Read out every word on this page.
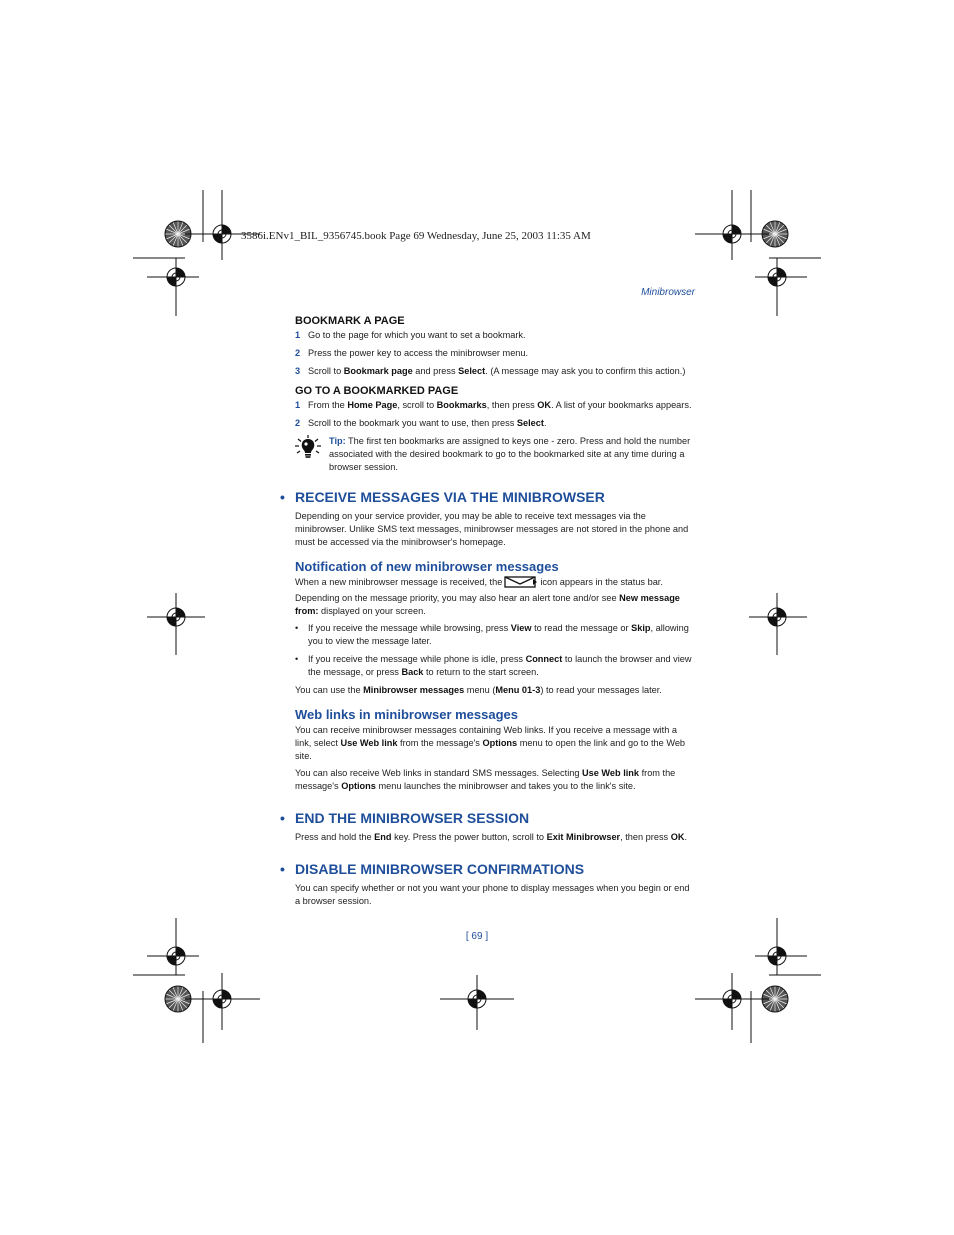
3586i.ENv1_BIL_9356745.book Page 69 Wednesday, June 25, 2003 11:35 AM
Minibrowser
BOOKMARK A PAGE
1 Go to the page for which you want to set a bookmark.
2 Press the power key to access the minibrowser menu.
3 Scroll to Bookmark page and press Select. (A message may ask you to confirm this action.)
GO TO A BOOKMARKED PAGE
1 From the Home Page, scroll to Bookmarks, then press OK. A list of your bookmarks appears.
2 Scroll to the bookmark you want to use, then press Select.
Tip: The first ten bookmarks are assigned to keys one - zero. Press and hold the number associated with the desired bookmark to go to the bookmarked site at any time during a browser session.
• RECEIVE MESSAGES VIA THE MINIBROWSER

Depending on your service provider, you may be able to receive text messages via the minibrowser. Unlike SMS text messages, minibrowser messages are not stored in the phone and must be accessed via the minibrowser's homepage.

Notification of new minibrowser messages

When a new minibrowser message is received, the	icon appears in the status bar. Depending on the message priority, you may also hear an alert tone and/or see New message from: displayed on your screen.

•	If you receive the message while browsing, press View to read the message or Skip, allowing you to view the message later.
•	If you receive the message while phone is idle, press Connect to launch the browser and view the message, or press Back to return to the start screen.

You can use the Minibrowser messages menu (Menu 01-3) to read your messages later.

Web links in minibrowser messages

You can receive minibrowser messages containing Web links. If you receive a message with a link, select Use Web link from the message's Options menu to open the link and go to the Web site.

You can also receive Web links in standard SMS messages. Selecting Use Web link from the message's Options menu launches the minibrowser and takes you to the link's site.

• END THE MINIBROWSER SESSION

Press and hold the End key. Press the power button, scroll to Exit Minibrowser, then press OK.

• DISABLE MINIBROWSER CONFIRMATIONS

You can specify whether or not you want your phone to display messages when you begin or end a browser session.

[ 69 ]
